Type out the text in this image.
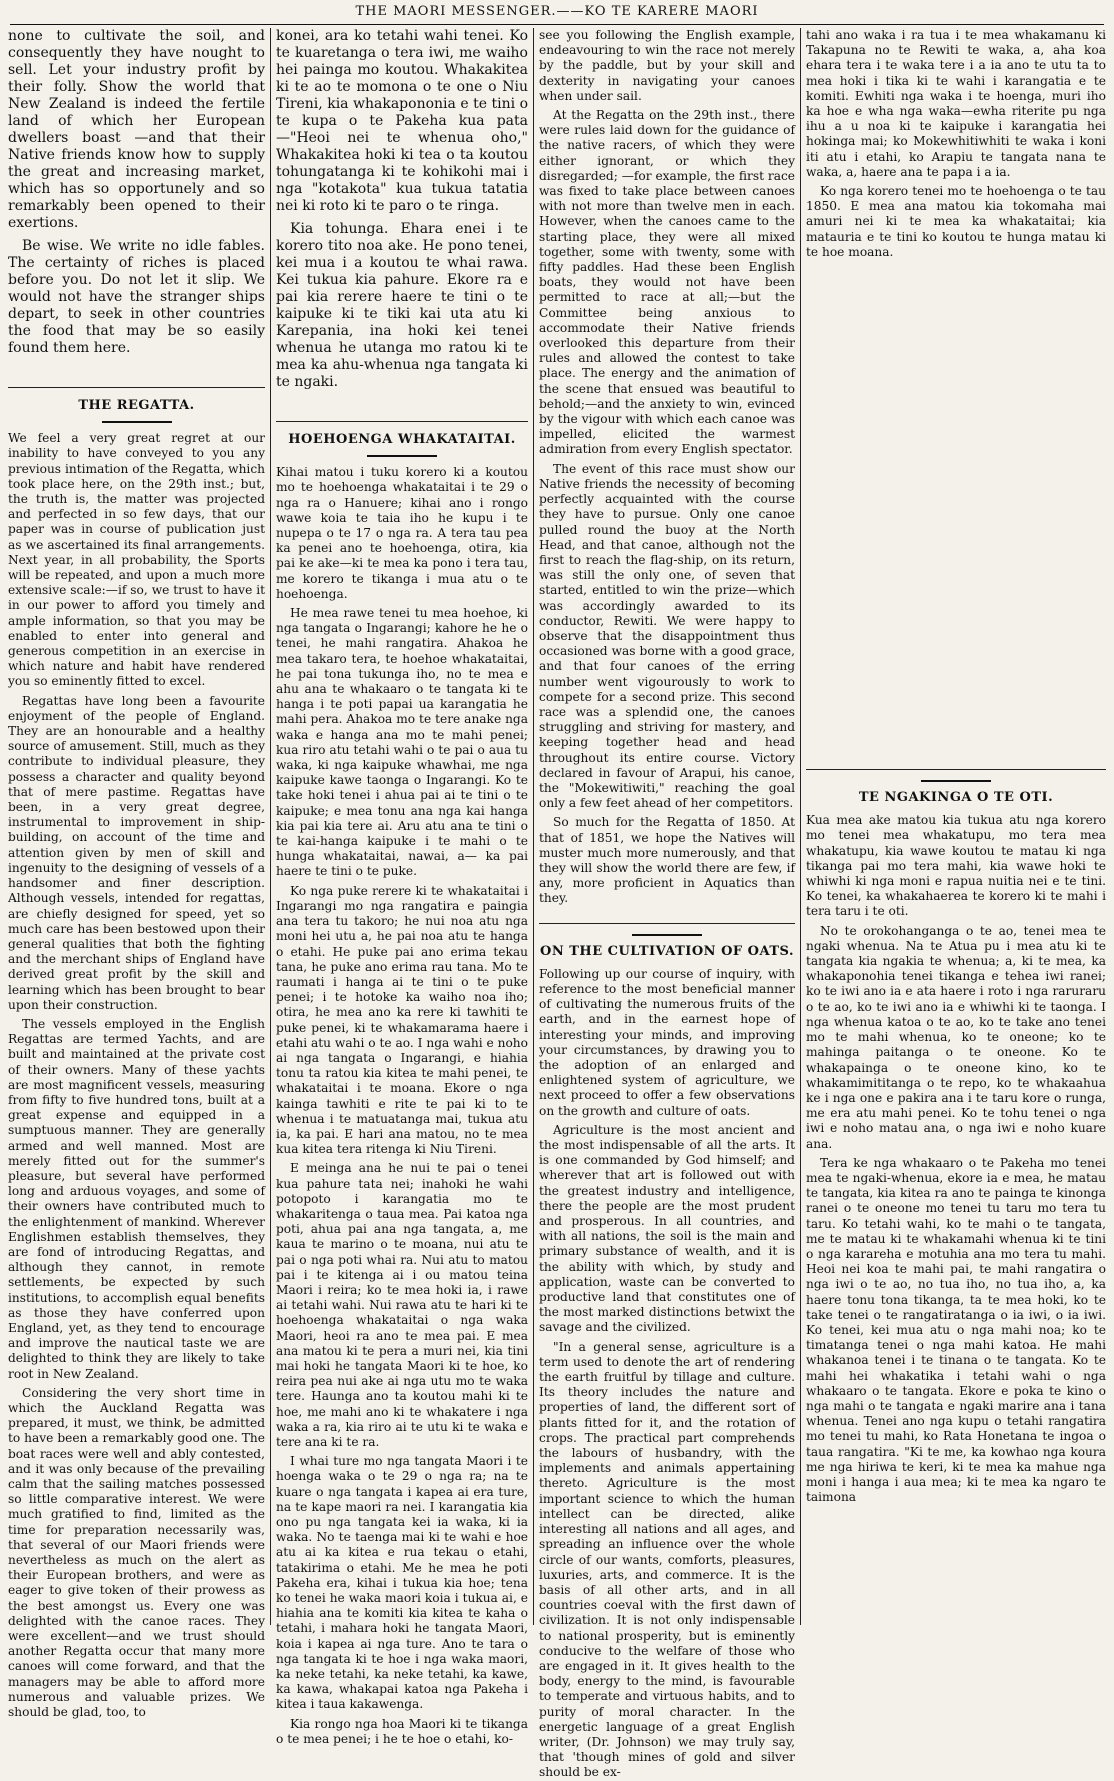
THE MAORI MESSENGER.——KO TE KARERE MAORI

none to cultivate the soil, and consequently they have nought to sell. Let your industry profit by their folly. Show the world that New Zealand is indeed the fertile land of which her European dwellers boast —and that their Native friends know how to supply the great and increasing market, which has so opportunely and so remarkably been opened to their exertions.

Be wise. We write no idle fables. The certainty of riches is placed before you. Do not let it slip. We would not have the stranger ships depart, to seek in other countries the food that may be so easily found them here.

THE REGATTA.

We feel a very great regret at our inability to have conveyed to you any previous intimation of the Regatta, which took place here, on the 29th inst.; but, the truth is, the matter was projected and perfected in so few days, that our paper was in course of publication just as we ascertained its final arrangements. Next year, in all probability, the Sports will be repeated, and upon a much more extensive scale:—if so, we trust to have it in our power to afford you timely and ample information, so that you may be enabled to enter into general and generous competition in an exercise in which nature and habit have rendered you so eminently fitted to excel.

Regattas have long been a favourite enjoyment of the people of England. They are an honourable and a healthy source of amusement. Still, much as they contribute to individual pleasure, they possess a character and quality beyond that of mere pastime. Regattas have been, in a very great degree, instrumental to improvement in ship-building, on account of the time and attention given by men of skill and ingenuity to the designing of vessels of a handsomer and finer description. Although vessels, intended for regattas, are chiefly designed for speed, yet so much care has been bestowed upon their general qualities that both the fighting and the merchant ships of England have derived great profit by the skill and learning which has been brought to bear upon their construction.

The vessels employed in the English Regattas are termed Yachts, and are built and maintained at the private cost of their owners. Many of these yachts are most magnificent vessels, measuring from fifty to five hundred tons, built at a great expense and equipped in a sumptuous manner. They are generally armed and well manned. Most are merely fitted out for the summer's pleasure, but several have performed long and arduous voyages, and some of their owners have contributed much to the enlightenment of mankind. Wherever Englishmen establish themselves, they are fond of introducing Regattas, and although they cannot, in remote settlements, be expected by such institutions, to accomplish equal benefits as those they have conferred upon England, yet, as they tend to encourage and improve the nautical taste we are delighted to think they are likely to take root in New Zealand.

Considering the very short time in which the Auckland Regatta was prepared, it must, we think, be admitted to have been a remarkably good one. The boat races were well and ably contested, and it was only because of the prevailing calm that the sailing matches possessed so little comparative interest. We were much gratified to find, limited as the time for preparation necessarily was, that several of our Maori friends were nevertheless as much on the alert as their European brothers, and were as eager to give token of their prowess as the best amongst us. Every one was delighted with the canoe races. They were excellent—and we trust should another Regatta occur that many more canoes will come forward, and that the managers may be able to afford more numerous and valuable prizes. We should be glad, too, to

konei, ara ko tetahi wahi tenei. Ko te kuaretanga o tera iwi, me waiho hei painga mo koutou. Whakakitea ki te ao te momona o te one o Niu Tireni, kia whakapononia e te tini o te kupa o te Pakeha kua pata—"Heoi nei te whenua oho," Whakakitea hoki ki tea o ta koutou tohungatanga ki te kohikohi mai i nga "kotakota" kua tukua tatatia nei ki roto ki te paro o te ringa.

Kia tohunga. Ehara enei i te korero tito noa ake. He pono tenei, kei mua i a koutou te whai rawa. Kei tukua kia pahure. Ekore ra e pai kia rerere haere te tini o te kaipuke ki te tiki kai uta atu ki Karepania, ina hoki kei tenei whenua he utanga mo ratou ki te mea ka ahu-whenua nga tangata ki te ngaki.

HOEHOENGA WHAKATAITAI.

Kihai matou i tuku korero ki a koutou mo te hoehoenga whakataitai i te 29 o nga ra o Hanuere; kihai ano i rongo wawe koia te taia iho he kupu i te nupepa o te 17 o nga ra. A tera tau pea ka penei ano te hoehoenga, otira, kia pai ke ake—ki te mea ka pono i tera tau, me korero te tikanga i mua atu o te hoehoenga.

He mea rawe tenei tu mea hoehoe, ki nga tangata o Ingarangi; kahore he he o tenei, he mahi rangatira. Ahakoa he mea takaro tera, te hoehoe whakataitai, he pai tona tukunga iho, no te mea e ahu ana te whakaaro o te tangata ki te hanga i te poti papai ua karangatia he mahi pera. Ahakoa mo te tere anake nga waka e hanga ana mo te mahi penei; kua riro atu tetahi wahi o te pai o aua tu waka, ki nga kaipuke whawhai, me nga kaipuke kawe taonga o Ingarangi. Ko te take hoki tenei i ahua pai ai te tini o te kaipuke; e mea tonu ana nga kai hanga kia pai kia tere ai. Aru atu ana te tini o te kai-hanga kaipuke i te mahi o te hunga whakataitai, nawai, a— ka pai haere te tini o te puke.

Ko nga puke rerere ki te whakataitai i Ingarangi mo nga rangatira e paingia ana tera tu takoro; he nui noa atu nga moni hei utu a, he pai noa atu te hanga o etahi. He puke pai ano erima tekau tana, he puke ano erima rau tana. Mo te raumati i hanga ai te tini o te puke penei; i te hotoke ka waiho noa iho; otira, he mea ano ka rere ki tawhiti te puke penei, ki te whakamarama haere i etahi atu wahi o te ao. I nga wahi e noho ai nga tangata o Ingarangi, e hiahia tonu ta ratou kia kitea te mahi penei, te whakataitai i te moana. Ekore o nga kainga tawhiti e rite te pai ki to te whenua i te matuatanga mai, tukua atu ia, ka pai. E hari ana matou, no te mea kua kitea tera ritenga ki Niu Tireni.

E meinga ana he nui te pai o tenei kua pahure tata nei; inahoki he wahi potopoto i karangatia mo te whakaritenga o taua mea. Pai katoa nga poti, ahua pai ana nga tangata, a, me kaua te marino o te moana, nui atu te pai o nga poti whai ra. Nui atu to matou pai i te kitenga ai i ou matou teina Maori i reira; ko te mea hoki ia, i rawe ai tetahi wahi. Nui rawa atu te hari ki te hoehoenga whakataitai o nga waka Maori, heoi ra ano te mea pai. E mea ana matou ki te pera a muri nei, kia tini mai hoki he tangata Maori ki te hoe, ko reira pea nui ake ai nga utu mo te waka tere. Haunga ano ta koutou mahi ki te hoe, me mahi ano ki te whakatere i nga waka a ra, kia riro ai te utu ki te waka e tere ana ki te ra.

I whai ture mo nga tangata Maori i te hoenga waka o te 29 o nga ra; na te kuare o nga tangata i kapea ai era ture, na te kape maori ra nei. I karangatia kia ono pu nga tangata kei ia waka, ki ia waka. No te taenga mai ki te wahi e hoe atu ai ka kitea e rua tekau o etahi, tatakirima o etahi. Me he mea he poti Pakeha era, kihai i tukua kia hoe; tena ko tenei he waka maori koia i tukua ai, e hiahia ana te komiti kia kitea te kaha o tetahi, i mahara hoki he tangata Maori, koia i kapea ai nga ture. Ano te tara o nga tangata ki te hoe i nga waka maori, ka neke tetahi, ka neke tetahi, ka kawe, ka kawa, whakapai katoa nga Pakeha i kitea i taua kakawenga.

Kia rongo nga hoa Maori ki te tikanga o te mea penei; i he te hoe o etahi, ko-

see you following the English example, endeavouring to win the race not merely by the paddle, but by your skill and dexterity in navigating your canoes when under sail.

At the Regatta on the 29th inst., there were rules laid down for the guidance of the native racers, of which they were either ignorant, or which they disregarded; —for example, the first race was fixed to take place between canoes with not more than twelve men in each. However, when the canoes came to the starting place, they were all mixed together, some with twenty, some with fifty paddles. Had these been English boats, they would not have been permitted to race at all;—but the Committee being anxious to accommodate their Native friends overlooked this departure from their rules and allowed the contest to take place. The energy and the animation of the scene that ensued was beautiful to behold;—and the anxiety to win, evinced by the vigour with which each canoe was impelled, elicited the warmest admiration from every English spectator.

The event of this race must show our Native friends the necessity of becoming perfectly acquainted with the course they have to pursue. Only one canoe pulled round the buoy at the North Head, and that canoe, although not the first to reach the flag-ship, on its return, was still the only one, of seven that started, entitled to win the prize—which was accordingly awarded to its conductor, Rewiti. We were happy to observe that the disappointment thus occasioned was borne with a good grace, and that four canoes of the erring number went vigourously to work to compete for a second prize. This second race was a splendid one, the canoes struggling and striving for mastery, and keeping together head and head throughout its entire course. Victory declared in favour of Arapui, his canoe, the "Mokewitiwiti," reaching the goal only a few feet ahead of her competitors.

So much for the Regatta of 1850. At that of 1851, we hope the Natives will muster much more numerously, and that they will show the world there are few, if any, more proficient in Aquatics than they.

ON THE CULTIVATION OF OATS.

Following up our course of inquiry, with reference to the most beneficial manner of cultivating the numerous fruits of the earth, and in the earnest hope of interesting your minds, and improving your circumstances, by drawing you to the adoption of an enlarged and enlightened system of agriculture, we next proceed to offer a few observations on the growth and culture of oats.

Agriculture is the most ancient and the most indispensable of all the arts. It is one commanded by God himself; and wherever that art is followed out with the greatest industry and intelligence, there the people are the most prudent and prosperous. In all countries, and with all nations, the soil is the main and primary substance of wealth, and it is the ability with which, by study and application, waste can be converted to productive land that constitutes one of the most marked distinctions betwixt the savage and the civilized.

"In a general sense, agriculture is a term used to denote the art of rendering the earth fruitful by tillage and culture. Its theory includes the nature and properties of land, the different sort of plants fitted for it, and the rotation of crops. The practical part comprehends the labours of husbandry, with the implements and animals appertaining thereto. Agriculture is the most important science to which the human intellect can be directed, alike interesting all nations and all ages, and spreading an influence over the whole circle of our wants, comforts, pleasures, luxuries, arts, and commerce. It is the basis of all other arts, and in all countries coeval with the first dawn of civilization. It is not only indispensable to national prosperity, but is eminently conducive to the welfare of those who are engaged in it. It gives health to the body, energy to the mind, is favourable to temperate and virtuous habits, and to purity of moral character. In the energetic language of a great English writer, (Dr. Johnson) we may truly say, that 'though mines of gold and silver should be ex-

tahi ano waka i ra tua i te mea whakamanu ki Takapuna no te Rewiti te waka, a, aha koa ehara tera i te waka tere i a ia ano te utu ta to mea hoki i tika ki te wahi i karangatia e te komiti. Ewhiti nga waka i te hoenga, muri iho ka hoe e wha nga waka—ewha riterite pu nga ihu a u noa ki te kaipuke i karangatia hei hokinga mai; ko Mokewhitiwhiti te waka i koni iti atu i etahi, ko Arapiu te tangata nana te waka, a, haere ana te papa i a ia.

Ko nga korero tenei mo te hoehoenga o te tau 1850. E mea ana matou kia tokomaha mai amuri nei ki te mea ka whakataitai; kia matauria e te tini ko koutou te hunga matau ki te hoe moana.

TE NGAKINGA O TE OTI.

Kua mea ake matou kia tukua atu nga korero mo tenei mea whakatupu, mo tera mea whakatupu, kia wawe koutou te matau ki nga tikanga pai mo tera mahi, kia wawe hoki te whiwhi ki nga moni e rapua nuitia nei e te tini. Ko tenei, ka whakahaerea te korero ki te mahi i tera taru i te oti.

No te orokohanganga o te ao, tenei mea te ngaki whenua. Na te Atua pu i mea atu ki te tangata kia ngakia te whenua; a, ki te mea, ka whakaponohia tenei tikanga e tehea iwi ranei; ko te iwi ano ia e ata haere i roto i nga raruraru o te ao, ko te iwi ano ia e whiwhi ki te taonga. I nga whenua katoa o te ao, ko te take ano tenei mo te mahi whenua, ko te oneone; ko te mahinga paitanga o te oneone. Ko te whakapainga o te oneone kino, ko te whakamimititanga o te repo, ko te whakaahua ke i nga one e pakira ana i te taru kore o runga, me era atu mahi penei. Ko te tohu tenei o nga iwi e noho matau ana, o nga iwi e noho kuare ana.

Tera ke nga whakaaro o te Pakeha mo tenei mea te ngaki-whenua, ekore ia e mea, he matau te tangata, kia kitea ra ano te painga te kinonga ranei o te oneone mo tenei tu taru mo tera tu taru. Ko tetahi wahi, ko te mahi o te tangata, me te matau ki te whakamahi whenua ki te tini o nga karareha e motuhia ana mo tera tu mahi. Heoi nei koa te mahi pai, te mahi rangatira o nga iwi o te ao, no tua iho, no tua iho, a, ka haere tonu tona tikanga, ta te mea hoki, ko te take tenei o te rangatiratanga o ia iwi, o ia iwi. Ko tenei, kei mua atu o nga mahi noa; ko te timatanga tenei o nga mahi katoa. He mahi whakanoa tenei i te tinana o te tangata. Ko te mahi hei whakatika i tetahi wahi o nga whakaaro o te tangata. Ekore e poka te kino o nga mahi o te tangata e ngaki marire ana i tana whenua. Tenei ano nga kupu o tetahi rangatira mo tenei tu mahi, ko Rata Honetana te ingoa o taua rangatira. "Ki te me, ka kowhao nga koura me nga hiriwa te keri, ki te mea ka mahue nga moni i hanga i aua mea; ki te mea ka ngaro te taimona
